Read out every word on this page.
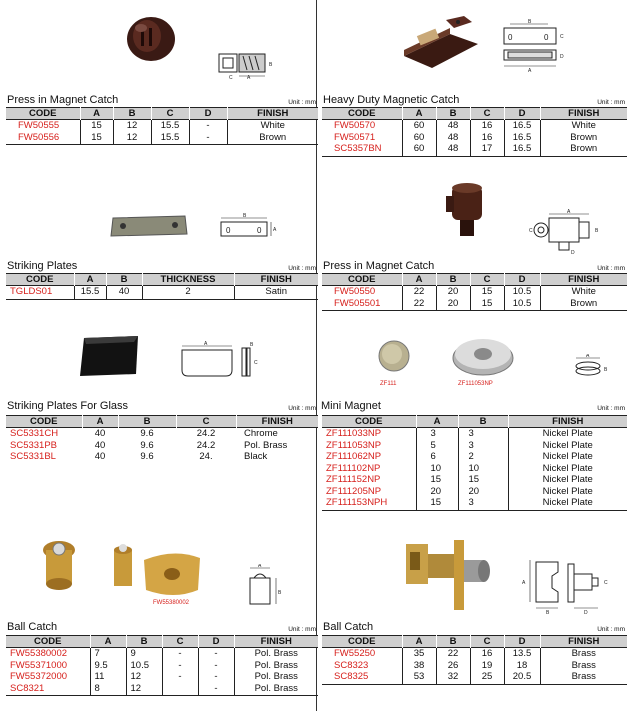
A
C
B
Press in Magnet Catch	Unit : mm
CODE	A	B	C	D	FINISH
FW50555	15	12	15.5	-	White
FW50556	15	12	15.5	-	Brown
B
0	0 A
Striking Plates	Unit : mm
CODE	A	B	THICKNESS	FINISH
TGLDS01	15.5	40	2	Satin
A	B
C
Striking Plates For Glass	Unit : mm
CODE	A	B	C	FINISH
SC5331CH	40	9.6	24.2	Chrome
SC5331PB	40	9.6	24.2	Pol. Brass
SC5331BL	40	9.6	24.	Black
FW55380002
A
B
Ball Catch	Unit : mm
CODE	A	B	C	D	FINISH
FW55380002	7	9	-	-	Pol. Brass
FW55371000	9.5	10.5	-	-	Pol. Brass
FW55372000	11	12	-	-	Pol. Brass
SC8321	8	12		-	Pol. Brass
B
0	0
A
C
D
Heavy Duty Magnetic Catch	Unit : mm
CODE	A	B	C	D	FINISH
FW50570	60	48	16	16.5	White
FW50571	60	48	16	16.5	Brown
SC5357BN	60	48	17	16.5	Brown
A
B
C
D
Press in Magnet Catch	Unit : mm
CODE	A	B	C	D	FINISH
FW50550	22	20	15	10.5	White
FW505501	22	20	15	10.5	Brown
ZF111	ZF111053NP
A
B
Mini Magnet	Unit : mm
CODE	A	B	FINISH
ZF111033NP	3	3	Nickel Plate
ZF111053NP	5	3	Nickel Plate
ZF111062NP	6	2	Nickel Plate
ZF111102NP	10	10	Nickel Plate
ZF111152NP	15	15	Nickel Plate
ZF111205NP	20	20	Nickel Plate
ZF111153NPH	15	3	Nickel Plate
A
B	D
C
Ball Catch	Unit : mm
CODE	A	B	C	D	FINISH
FW55250	35	22	16	13.5	Brass
SC8323	38	26	19	18	Brass
SC8325	53	32	25	20.5	Brass
